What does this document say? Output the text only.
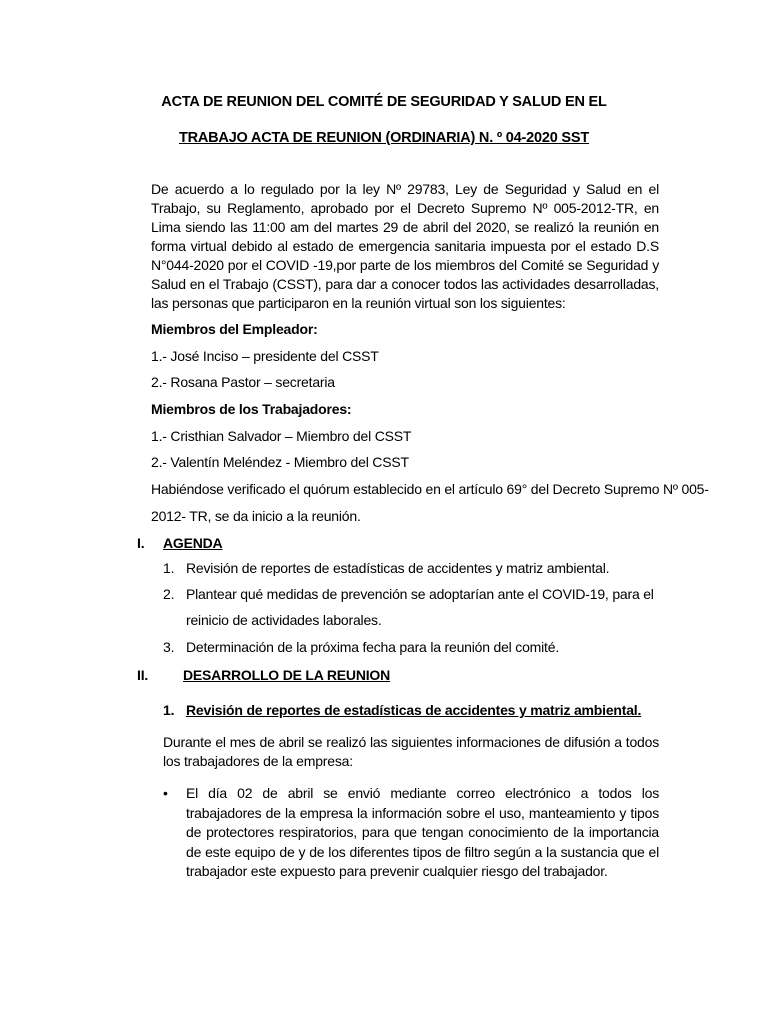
ACTA DE REUNION DEL COMITÉ DE SEGURIDAD Y SALUD EN EL
TRABAJO ACTA DE REUNION (ORDINARIA) N. º 04-2020 SST
De acuerdo a lo regulado por la ley Nº 29783, Ley de Seguridad y Salud en el Trabajo, su Reglamento, aprobado por el Decreto Supremo Nº 005-2012-TR, en Lima siendo las 11:00 am del martes 29 de abril del 2020, se realizó la reunión en forma virtual debido al estado de emergencia sanitaria impuesta por el estado D.S N°044-2020 por el COVID -19,por parte de los miembros del Comité se Seguridad y Salud en el Trabajo (CSST), para dar a conocer todos las actividades desarrolladas, las personas que participaron en la reunión virtual son los siguientes:
Miembros del Empleador:
1.- José Inciso – presidente del CSST
2.- Rosana Pastor – secretaria
Miembros de los Trabajadores:
1.- Cristhian Salvador – Miembro del CSST
2.- Valentín Meléndez - Miembro del CSST
Habiéndose verificado el quórum establecido en el artículo 69° del Decreto Supremo Nº 005-
2012- TR, se da inicio a la reunión.
I. AGENDA
1. Revisión de reportes de estadísticas de accidentes y matriz ambiental.
2. Plantear qué medidas de prevención se adoptarían ante el COVID-19, para el reinicio de actividades laborales.
3. Determinación de la próxima fecha para la reunión del comité.
II. DESARROLLO DE LA REUNION
1. Revisión de reportes de estadísticas de accidentes y matriz ambiental.
Durante el mes de abril se realizó las siguientes informaciones de difusión a todos los trabajadores de la empresa:
• El día 02 de abril se envió mediante correo electrónico a todos los trabajadores de la empresa la información sobre el uso, manteamiento y tipos de protectores respiratorios, para que tengan conocimiento de la importancia de este equipo de y de los diferentes tipos de filtro según a la sustancia que el trabajador este expuesto para prevenir cualquier riesgo del trabajador.
